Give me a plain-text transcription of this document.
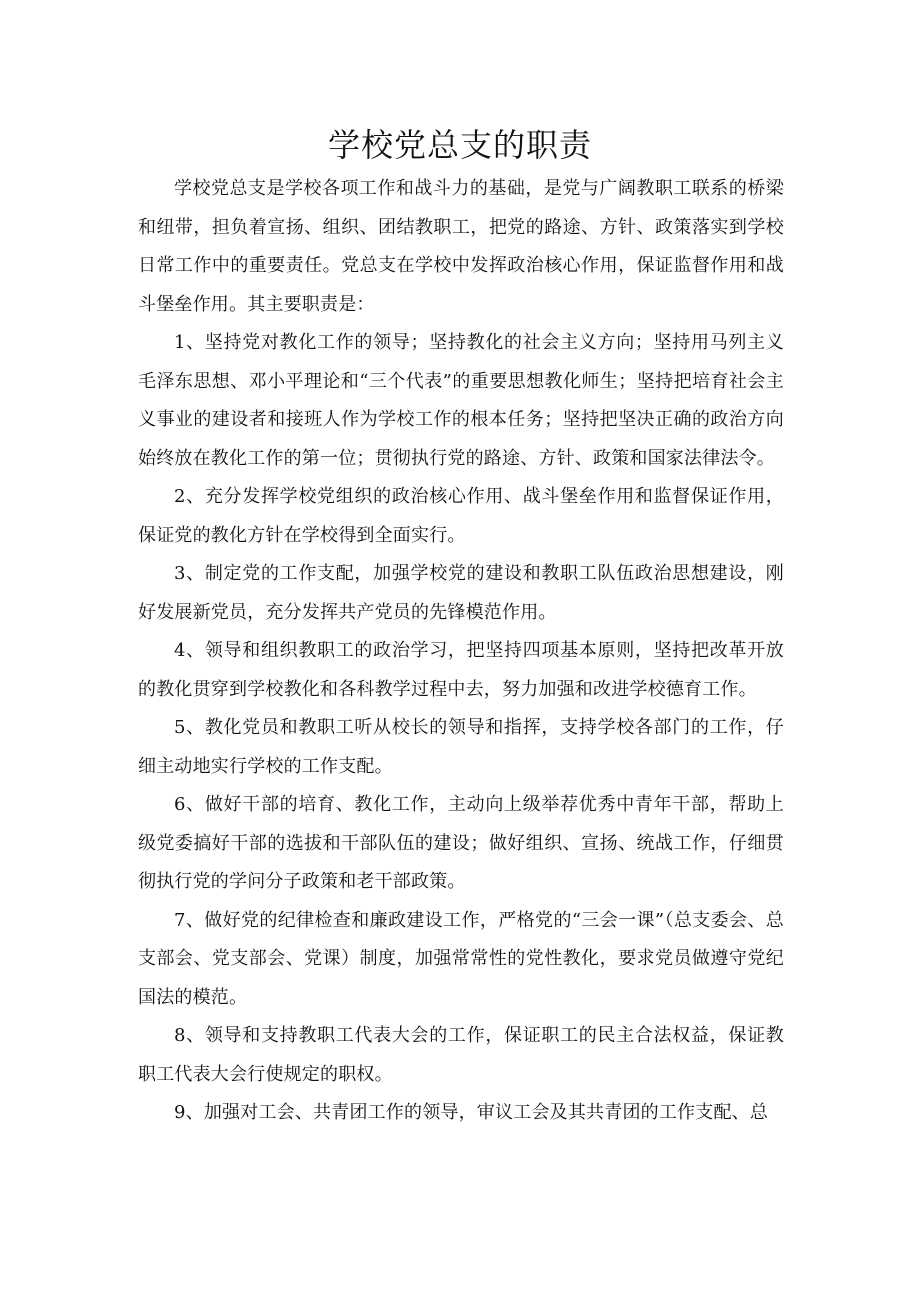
学校党总支的职责

学校党总支是学校各项工作和战斗力的基础，是党与广阔教职工联系的桥梁和纽带，担负着宣扬、组织、团结教职工，把党的路途、方针、政策落实到学校日常工作中的重要责任。党总支在学校中发挥政治核心作用，保证监督作用和战斗堡垒作用。其主要职责是：

1、坚持党对教化工作的领导；坚持教化的社会主义方向；坚持用马列主义毛泽东思想、邓小平理论和“三个代表”的重要思想教化师生；坚持把培育社会主义事业的建设者和接班人作为学校工作的根本任务；坚持把坚决正确的政治方向始终放在教化工作的第一位；贯彻执行党的路途、方针、政策和国家法律法令。

2、充分发挥学校党组织的政治核心作用、战斗堡垒作用和监督保证作用，保证党的教化方针在学校得到全面实行。

3、制定党的工作支配，加强学校党的建设和教职工队伍政治思想建设，刚好发展新党员，充分发挥共产党员的先锋模范作用。

4、领导和组织教职工的政治学习，把坚持四项基本原则，坚持把改革开放的教化贯穿到学校教化和各科教学过程中去，努力加强和改进学校德育工作。

5、教化党员和教职工听从校长的领导和指挥，支持学校各部门的工作，仔细主动地实行学校的工作支配。

6、做好干部的培育、教化工作，主动向上级举荐优秀中青年干部，帮助上级党委搞好干部的选拔和干部队伍的建设；做好组织、宣扬、统战工作，仔细贯彻执行党的学问分子政策和老干部政策。

7、做好党的纪律检查和廉政建设工作，严格党的“三会一课”（总支委会、总支部会、党支部会、党课）制度，加强常常性的党性教化，要求党员做遵守党纪国法的模范。

8、领导和支持教职工代表大会的工作，保证职工的民主合法权益，保证教职工代表大会行使规定的职权。

9、加强对工会、共青团工作的领导，审议工会及其共青团的工作支配、总
